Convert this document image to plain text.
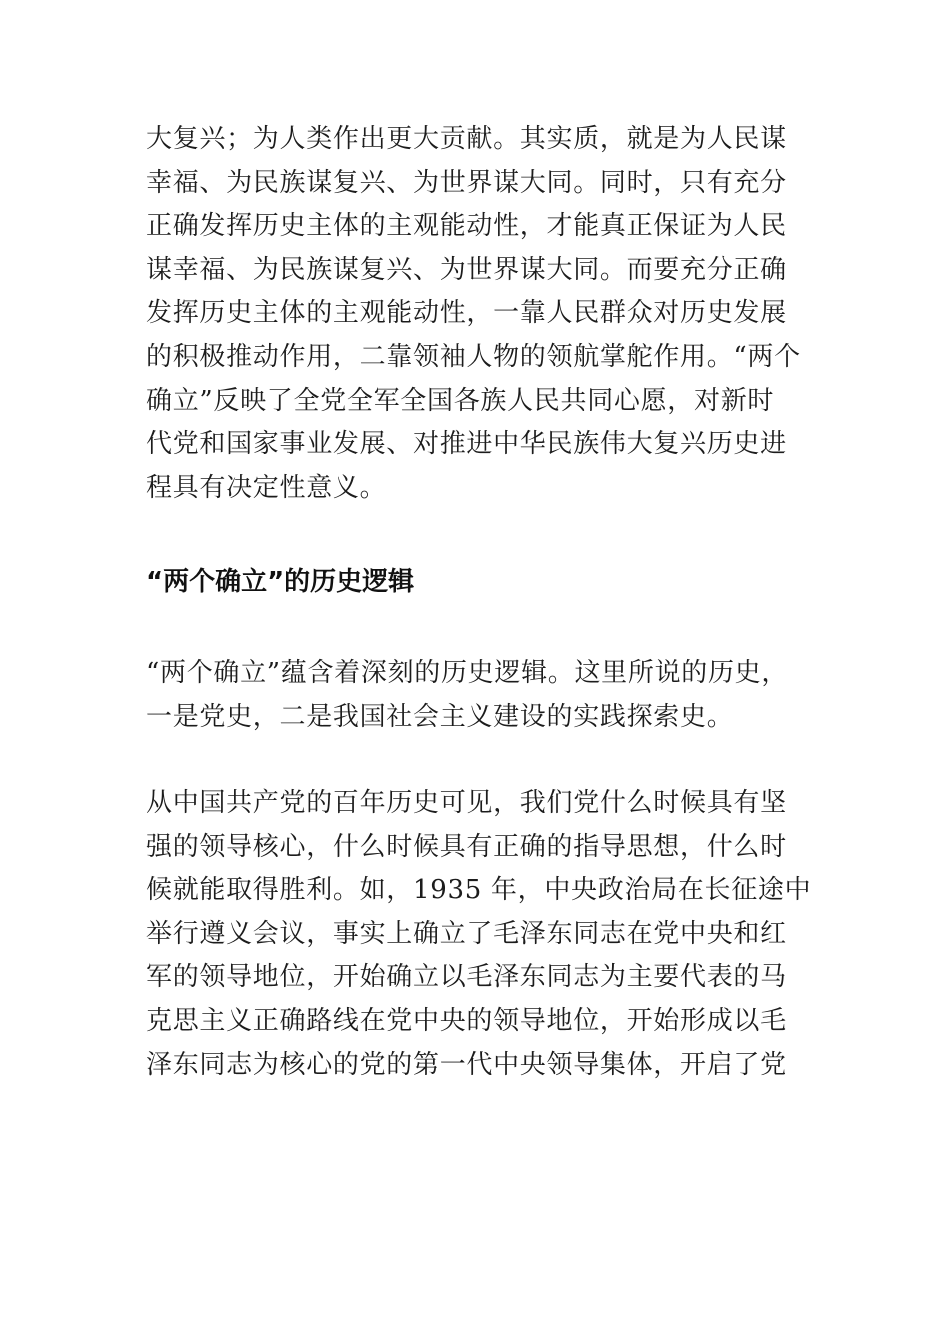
大复兴；为人类作出更大贡献。其实质，就是为人民谋
幸福、为民族谋复兴、为世界谋大同。同时，只有充分
正确发挥历史主体的主观能动性，才能真正保证为人民
谋幸福、为民族谋复兴、为世界谋大同。而要充分正确
发挥历史主体的主观能动性，一靠人民群众对历史发展
的积极推动作用，二靠领袖人物的领航掌舵作用。“两个
确立”反映了全党全军全国各族人民共同心愿，对新时
代党和国家事业发展、对推进中华民族伟大复兴历史进
程具有决定性意义。
“两个确立”的历史逻辑
“两个确立”蕴含着深刻的历史逻辑。这里所说的历史，
一是党史，二是我国社会主义建设的实践探索史。
从中国共产党的百年历史可见，我们党什么时候具有坚
强的领导核心，什么时候具有正确的指导思想，什么时
候就能取得胜利。如，1935 年，中央政治局在长征途中
举行遵义会议，事实上确立了毛泽东同志在党中央和红
军的领导地位，开始确立以毛泽东同志为主要代表的马
克思主义正确路线在党中央的领导地位，开始形成以毛
泽东同志为核心的党的第一代中央领导集体，开启了党
